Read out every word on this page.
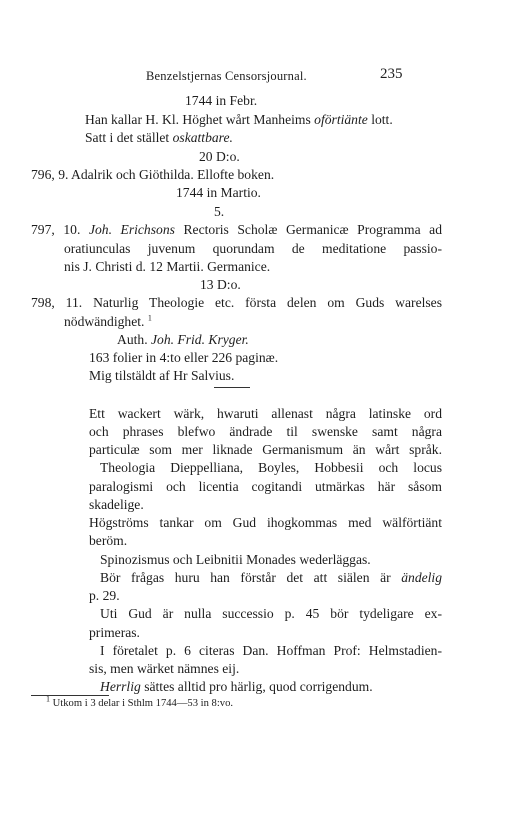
Benzelstjernas Censorsjournal.	235
1744 in Febr.
Han kallar H. Kl. Höghet wårt Manheims oförtiänte lott.
Satt i det stället oskattbare.
20 D:o.
796, 9. Adalrik och Giöthilda. Ellofte boken.
1744 in Martio.
5.
797, 10. Joh. Erichsons Rectoris Scholæ Germanicæ Programma ad
oratiunculas juvenum quorundam de meditatione passio-
nis J. Christi d. 12 Martii. Germanice.
13 D:o.
798, 11. Naturlig Theologie etc. första delen om Guds warelses
nödwändighet. $^1$
Auth. Joh. Frid. Kryger.
163 folier in 4:to eller 226 paginæ.
Mig tilstäldt af Hr Salvius.
Ett wackert wärk, hwaruti allenast några latinske ord
och phrases blefwo ändrade til swenske samt några
particulæ som mer liknade Germanismum än wårt språk.
Theologia Dieppelliana, Boyles, Hobbesii och locus
paralogismi och licentia cogitandi utmärkas här såsom
skadelige.
Högströms tankar om Gud ihogkommas med wälförtiänt
beröm.
Spinozismus och Leibnitii Monades wederläggas.
Bör frågas huru han förstår det att siälen är ändelig
p. 29.
Uti Gud är nulla successio p. 45 bör tydeligare ex-
primeras.
I företalet p. 6 citeras Dan. Hoffman Prof: Helmstadien-
sis, men wärket nämnes eij.
Herrlig sättes alltid pro härlig, quod corrigendum.
$^1$ Utkom i 3 delar i Sthlm 1744—53 in 8:vo.
